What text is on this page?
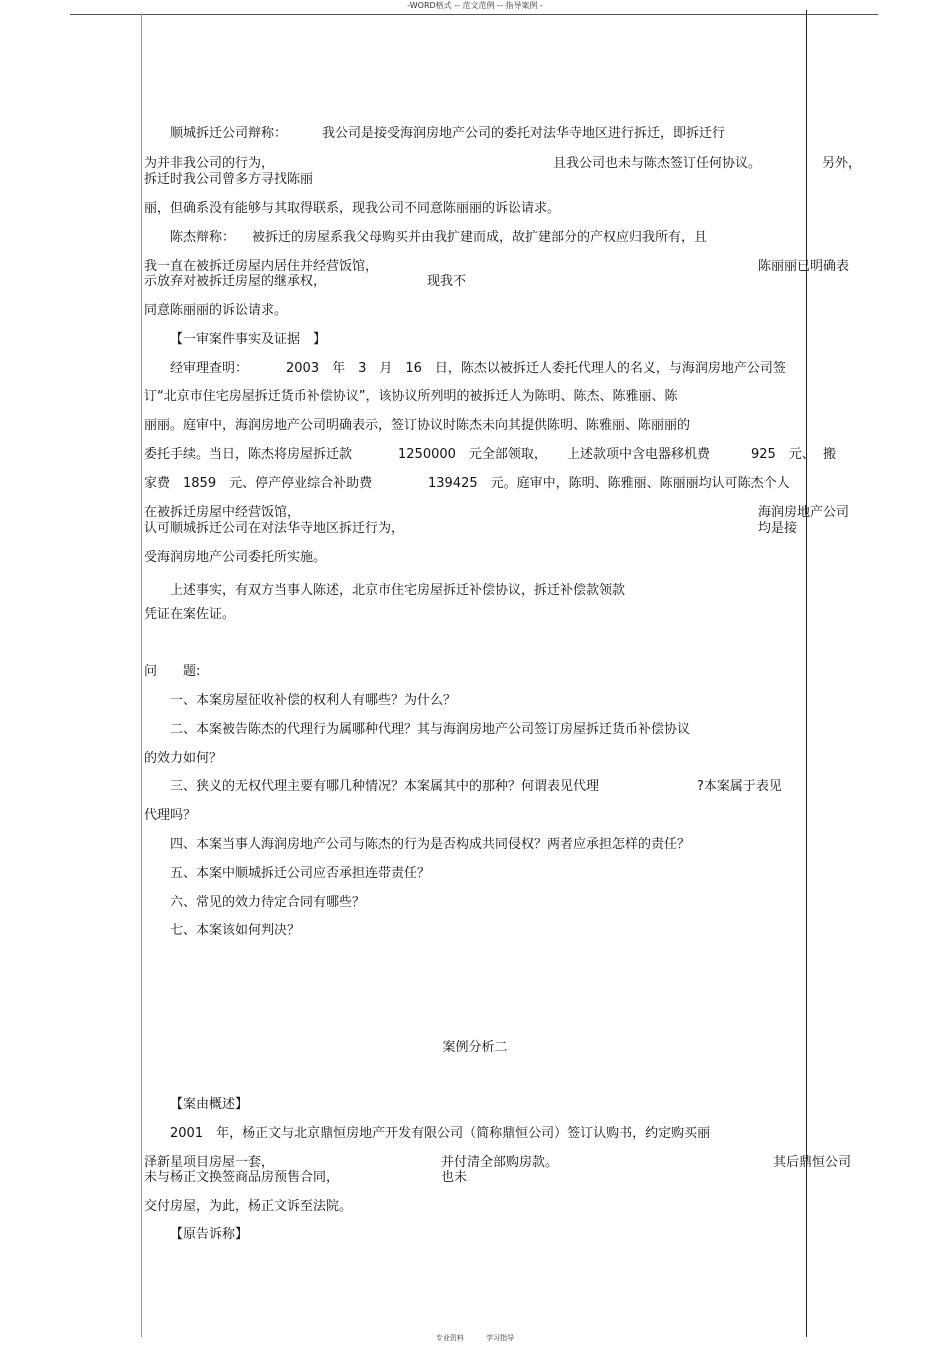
-WORD格式 -- 范文范例 -- 指导案例 -
顺城拆迁公司辩称：	我公司是接受海润房地产公司的委托对法华寺地区进行拆迁，即拆迁行
为并非我公司的行为，	且我公司也未与陈杰签订任何协议。	另外，
拆迁时我公司曾多方寻找陈丽
丽，但确系没有能够与其取得联系，现我公司不同意陈丽丽的诉讼请求。
陈杰辩称： 被拆迁的房屋系我父母购买并由我扩建而成，故扩建部分的产权应归我所有，且
我一直在被拆迁房屋内居住并经营饭馆，	陈丽丽已明确表
示放弃对被拆迁房屋的继承权，	现我不
同意陈丽丽的诉讼请求。
【一审案件事实及证据　】
经审理查明：	2003　年　3　月　16　日，陈杰以被拆迁人委托代理人的名义，与海润房地产公司签
订“北京市住宅房屋拆迁货币补偿协议”，该协议所列明的被拆迁人为陈明、陈杰、陈雅丽、陈
丽丽。庭审中，海润房地产公司明确表示，签订协议时陈杰未向其提供陈明、陈雅丽、陈丽丽的
委托手续。当日，陈杰将房屋拆迁款	1250000　元全部领取， 上述款项中含电器移机费	925　元、 搬
家费　1859　元、停产停业综合补助费	139425　元。庭审中，陈明、陈雅丽、陈丽丽均认可陈杰个人
在被拆迁房屋中经营饭馆，	海润房地产公司
认可顺城拆迁公司在对法华寺地区拆迁行为，	均是接
受海润房地产公司委托所实施。
上述事实，有双方当事人陈述，北京市住宅房屋拆迁补偿协议，拆迁补偿款领款
凭证在案佐证。
问　　题:
一、本案房屋征收补偿的权利人有哪些？为什么？
二、本案被告陈杰的代理行为属哪种代理？其与海润房地产公司签订房屋拆迁货币补偿协议
的效力如何？
三、狭义的无权代理主要有哪几种情况？本案属其中的那种？何谓表见代理	?本案属于表见
代理吗？
四、本案当事人海润房地产公司与陈杰的行为是否构成共同侵权？两者应承担怎样的责任？
五、本案中顺城拆迁公司应否承担连带责任？
六、常见的效力待定合同有哪些？
七、本案该如何判决？
案例分析二
【案由概述】
2001　年，杨正文与北京鼎恒房地产开发有限公司（简称鼎恒公司）签订认购书，约定购买丽
泽新星项目房屋一套，	并付清全部购房款。	其后鼎恒公司
未与杨正文换签商品房预售合同，	也未
交付房屋，为此，杨正文诉至法院。
【原告诉称】
专业资料	学习指导
